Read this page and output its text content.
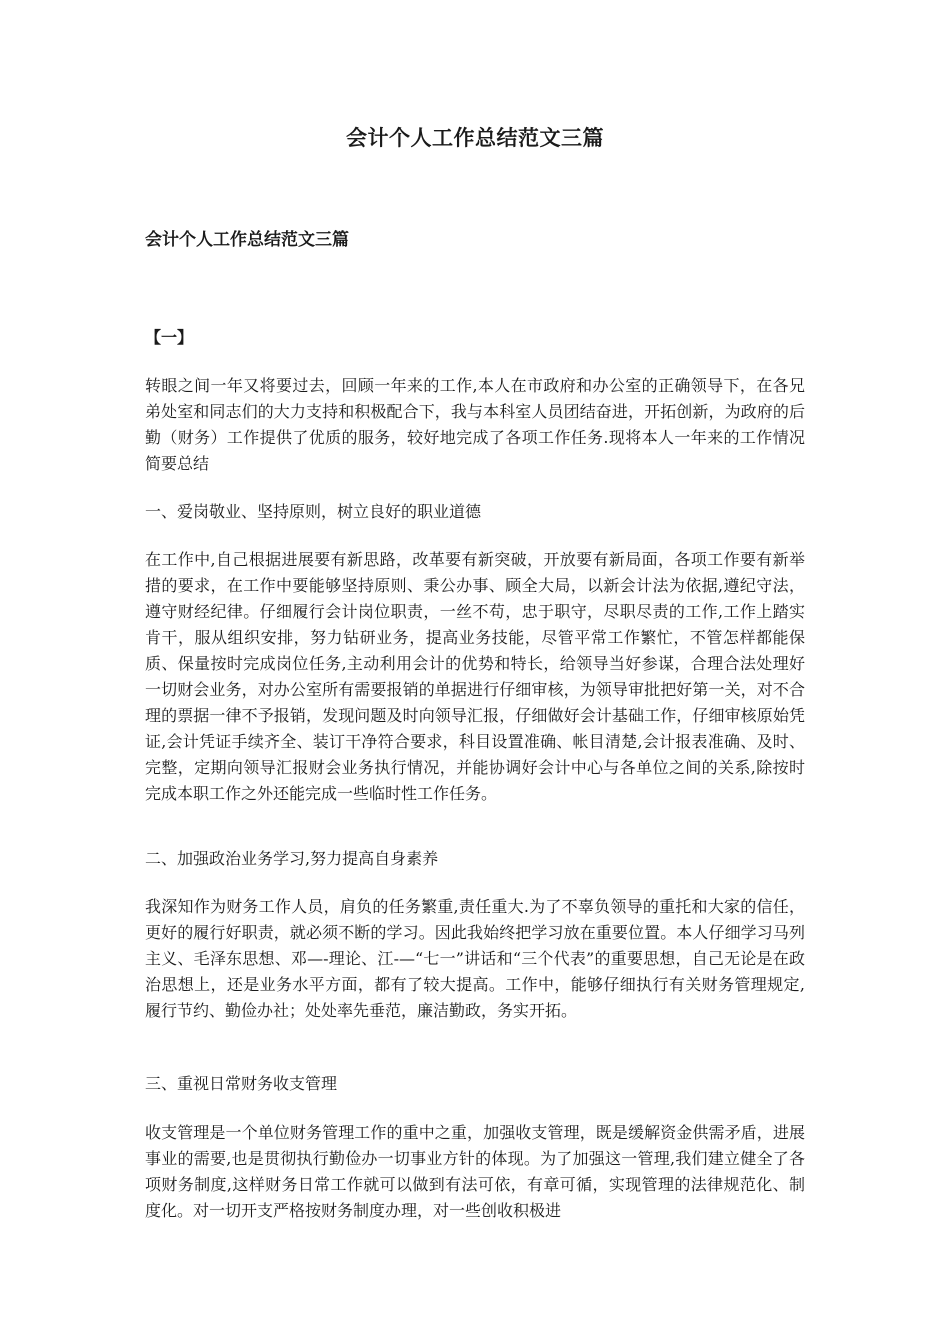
会计个人工作总结范文三篇
会计个人工作总结范文三篇
【一】
转眼之间一年又将要过去，回顾一年来的工作,本人在市政府和办公室的正确领导下，在各兄弟处室和同志们的大力支持和积极配合下，我与本科室人员团结奋进，开拓创新，为政府的后勤（财务）工作提供了优质的服务，较好地完成了各项工作任务.现将本人一年来的工作情况简要总结
一、爱岗敬业、坚持原则，树立良好的职业道德
在工作中,自己根据进展要有新思路，改革要有新突破，开放要有新局面，各项工作要有新举措的要求，在工作中要能够坚持原则、秉公办事、顾全大局，以新会计法为依据,遵纪守法，遵守财经纪律。仔细履行会计岗位职责，一丝不苟，忠于职守，尽职尽责的工作,工作上踏实肯干，服从组织安排，努力钻研业务，提高业务技能，尽管平常工作繁忙，不管怎样都能保质、保量按时完成岗位任务,主动利用会计的优势和特长，给领导当好参谋，合理合法处理好一切财会业务，对办公室所有需要报销的单据进行仔细审核，为领导审批把好第一关，对不合理的票据一律不予报销，发现问题及时向领导汇报，仔细做好会计基础工作，仔细审核原始凭证,会计凭证手续齐全、装订干净符合要求，科目设置准确、帐目清楚,会计报表准确、及时、完整，定期向领导汇报财会业务执行情况，并能协调好会计中心与各单位之间的关系,除按时完成本职工作之外还能完成一些临时性工作任务。
二、加强政治业务学习,努力提高自身素养
我深知作为财务工作人员，肩负的任务繁重,责任重大.为了不辜负领导的重托和大家的信任，更好的履行好职责，就必须不断的学习。因此我始终把学习放在重要位置。本人仔细学习马列主义、毛泽东思想、邓—-理论、江-—“七一”讲话和“三个代表”的重要思想，自己无论是在政治思想上，还是业务水平方面，都有了较大提高。工作中，能够仔细执行有关财务管理规定,履行节约、勤俭办社；处处率先垂范，廉洁勤政，务实开拓。
三、重视日常财务收支管理
收支管理是一个单位财务管理工作的重中之重，加强收支管理，既是缓解资金供需矛盾，进展事业的需要,也是贯彻执行勤俭办一切事业方针的体现。为了加强这一管理,我们建立健全了各项财务制度,这样财务日常工作就可以做到有法可依，有章可循，实现管理的法律规范化、制度化。对一切开支严格按财务制度办理，对一些创收积极进
